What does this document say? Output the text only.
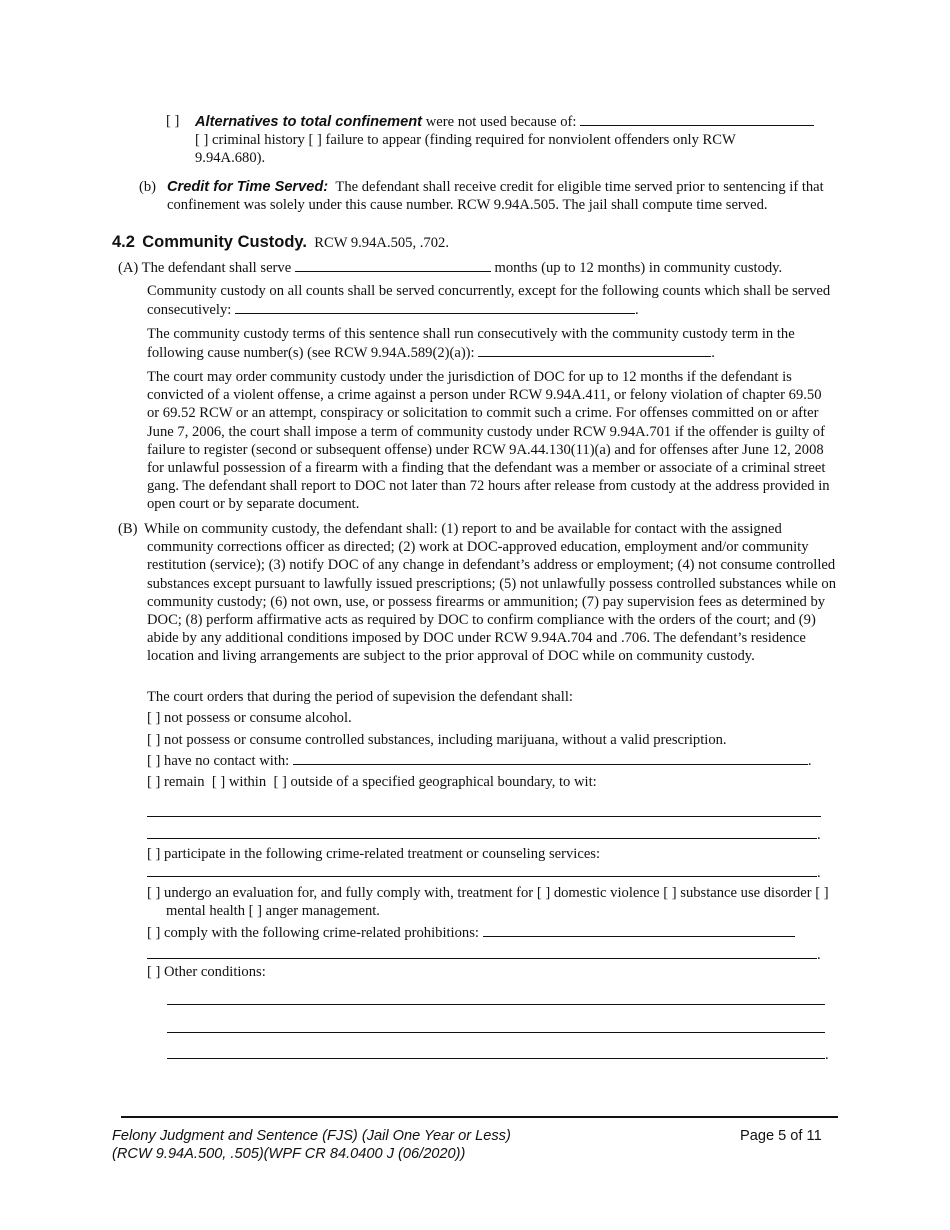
[ ] Alternatives to total confinement were not used because of:
[ ] criminal history [ ] failure to appear (finding required for nonviolent offenders only RCW 9.94A.680).
(b) Credit for Time Served: The defendant shall receive credit for eligible time served prior to sentencing if that confinement was solely under this cause number. RCW 9.94A.505. The jail shall compute time served.
4.2 Community Custody. RCW 9.94A.505, .702.
(A) The defendant shall serve	months (up to 12 months) in community custody.
Community custody on all counts shall be served concurrently, except for the following counts which shall be served consecutively:	.
The community custody terms of this sentence shall run consecutively with the community custody term in the following cause number(s) (see RCW 9.94A.589(2)(a)):	.
The court may order community custody under the jurisdiction of DOC for up to 12 months if the defendant is convicted of a violent offense, a crime against a person under RCW 9.94A.411, or felony violation of chapter 69.50 or 69.52 RCW or an attempt, conspiracy or solicitation to commit such a crime. For offenses committed on or after June 7, 2006, the court shall impose a term of community custody under RCW 9.94A.701 if the offender is guilty of failure to register (second or subsequent offense) under RCW 9A.44.130(11)(a) and for offenses after June 12, 2008 for unlawful possession of a firearm with a finding that the defendant was a member or associate of a criminal street gang. The defendant shall report to DOC not later than 72 hours after release from custody at the address provided in open court or by separate document.
(B) While on community custody, the defendant shall: (1) report to and be available for contact with the assigned community corrections officer as directed; (2) work at DOC-approved education, employment and/or community restitution (service); (3) notify DOC of any change in defendant’s address or employment; (4) not consume controlled substances except pursuant to lawfully issued prescriptions; (5) not unlawfully possess controlled substances while on community custody; (6) not own, use, or possess firearms or ammunition; (7) pay supervision fees as determined by DOC; (8) perform affirmative acts as required by DOC to confirm compliance with the orders of the court; and (9) abide by any additional conditions imposed by DOC under RCW 9.94A.704 and .706. The defendant’s residence location and living arrangements are subject to the prior approval of DOC while on community custody.
The court orders that during the period of supevision the defendant shall:
[ ] not possess or consume alcohol.
[ ] not possess or consume controlled substances, including marijuana, without a valid prescription.
[ ] have no contact with:	.
[ ] remain  [ ] within  [ ] outside of a specified geographical boundary, to wit:
.
[ ] participate in the following crime-related treatment or counseling services:
.
[ ] undergo an evaluation for, and fully comply with, treatment for [ ] domestic violence [ ] substance use disorder [ ] mental health [ ] anger management.
[ ] comply with the following crime-related prohibitions:
.
[ ] Other conditions:
.
Felony Judgment and Sentence (FJS) (Jail One Year or Less)
(RCW 9.94A.500, .505)(WPF CR 84.0400 J (06/2020))
Page 5 of 11
